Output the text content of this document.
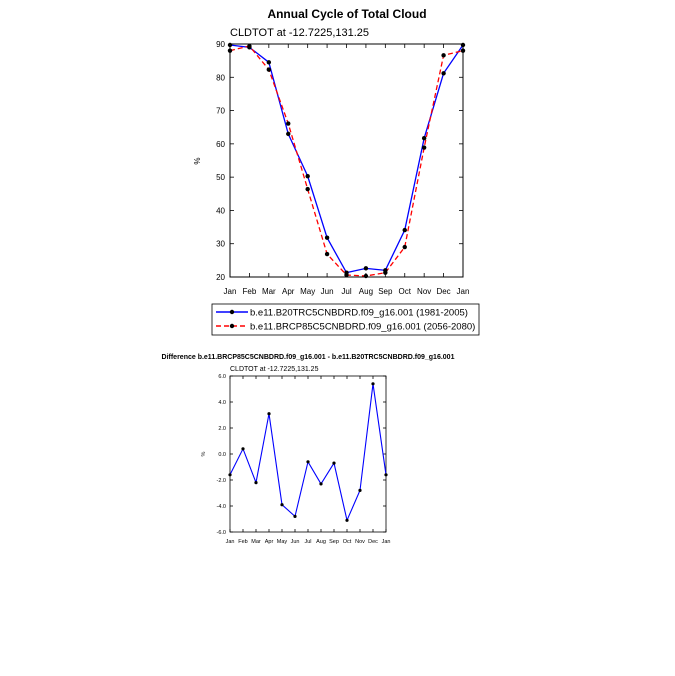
Annual Cycle of Total Cloud
CLDTOT at -12.7225,131.25
%
20
30
40
50
60
70
80
90
Jan Feb Mar Apr May Jun Jul Aug Sep Oct Nov Dec Jan
b.e11.B20TRC5CNBDRD.f09_g16.001 (1981-2005)
b.e11.BRCP85C5CNBDRD.f09_g16.001 (2056-2080)
Difference b.e11.BRCP85C5CNBDRD.f09_g16.001 - b.e11.B20TRC5CNBDRD.f09_g16.001
CLDTOT at -12.7225,131.25
%
-6.0
-4.0
-2.0
0.0
2.0
4.0
6.0
Jan Feb Mar Apr May Jun Jul Aug Sep Oct Nov Dec Jan
